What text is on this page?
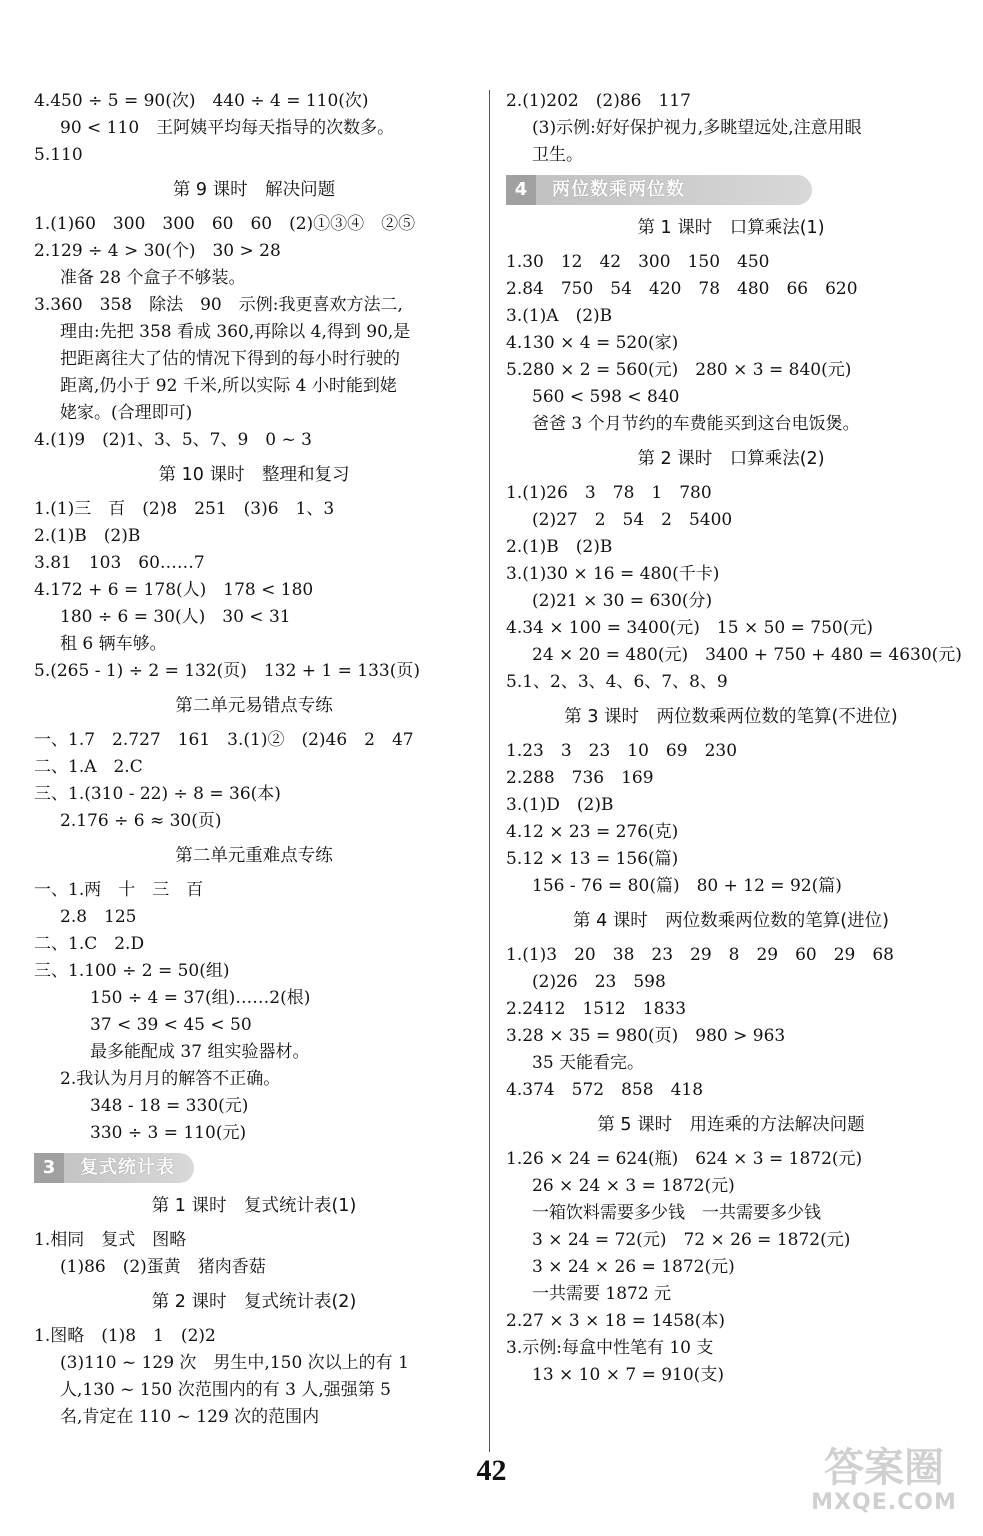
4.450 ÷ 5 = 90(次)　440 ÷ 4 = 110(次)
90 < 110　王阿姨平均每天指导的次数多。
5.110
第 9 课时　解决问题
1.(1)60　300　300　60　60　(2)①③④　②⑤
2.129 ÷ 4 > 30(个)　30 > 28
准备 28 个盒子不够装。
3.360　358　除法　90　示例:我更喜欢方法二,
理由:先把 358 看成 360,再除以 4,得到 90,是
把距离往大了估的情况下得到的每小时行驶的
距离,仍小于 92 千米,所以实际 4 小时能到姥
姥家。(合理即可)
4.(1)9　(2)1、3、5、7、9　0 ~ 3
第 10 课时　整理和复习
1.(1)三　百　(2)8　251　(3)6　1、3
2.(1)B　(2)B
3.81　103　60……7
4.172 + 6 = 178(人)　178 < 180
180 ÷ 6 = 30(人)　30 < 31
租 6 辆车够。
5.(265 - 1) ÷ 2 = 132(页)　132 + 1 = 133(页)
第二单元易错点专练
一、1.7　2.727　161　3.(1)②　(2)46　2　47
二、1.A　2.C
三、1.(310 - 22) ÷ 8 = 36(本)
2.176 ÷ 6 ≈ 30(页)
第二单元重难点专练
一、1.两　十　三　百
2.8　125
二、1.C　2.D
三、1.100 ÷ 2 = 50(组)
150 ÷ 4 = 37(组)……2(根)
37 < 39 < 45 < 50
最多能配成 37 组实验器材。
2.我认为月月的解答不正确。
348 - 18 = 330(元)
330 ÷ 3 = 110(元)
3 复式统计表
第 1 课时　复式统计表(1)
1.相同　复式　图略
(1)86　(2)蛋黄　猪肉香菇
第 2 课时　复式统计表(2)
1.图略　(1)8　1　(2)2
(3)110 ~ 129 次　男生中,150 次以上的有 1
人,130 ~ 150 次范围内的有 3 人,强强第 5
名,肯定在 110 ~ 129 次的范围内
2.(1)202　(2)86　117
(3)示例:好好保护视力,多眺望远处,注意用眼
卫生。
4 两位数乘两位数
第 1 课时　口算乘法(1)
1.30　12　42　300　150　450
2.84　750　54　420　78　480　66　620
3.(1)A　(2)B
4.130 × 4 = 520(家)
5.280 × 2 = 560(元)　280 × 3 = 840(元)
560 < 598 < 840
爸爸 3 个月节约的车费能买到这台电饭煲。
第 2 课时　口算乘法(2)
1.(1)26　3　78　1　780
(2)27　2　54　2　5400
2.(1)B　(2)B
3.(1)30 × 16 = 480(千卡)
(2)21 × 30 = 630(分)
4.34 × 100 = 3400(元)　15 × 50 = 750(元)
24 × 20 = 480(元)　3400 + 750 + 480 = 4630(元)
5.1、2、3、4、6、7、8、9
第 3 课时　两位数乘两位数的笔算(不进位)
1.23　3　23　10　69　230
2.288　736　169
3.(1)D　(2)B
4.12 × 23 = 276(克)
5.12 × 13 = 156(篇)
156 - 76 = 80(篇)　80 + 12 = 92(篇)
第 4 课时　两位数乘两位数的笔算(进位)
1.(1)3　20　38　23　29　8　29　60　29　68
(2)26　23　598
2.2412　1512　1833
3.28 × 35 = 980(页)　980 > 963
35 天能看完。
4.374　572　858　418
第 5 课时　用连乘的方法解决问题
1.26 × 24 = 624(瓶)　624 × 3 = 1872(元)
26 × 24 × 3 = 1872(元)
一箱饮料需要多少钱　一共需要多少钱
3 × 24 = 72(元)　72 × 26 = 1872(元)
3 × 24 × 26 = 1872(元)
一共需要 1872 元
2.27 × 3 × 18 = 1458(本)
3.示例:每盒中性笔有 10 支
13 × 10 × 7 = 910(支)
42	答案圈
MXQE.COM
